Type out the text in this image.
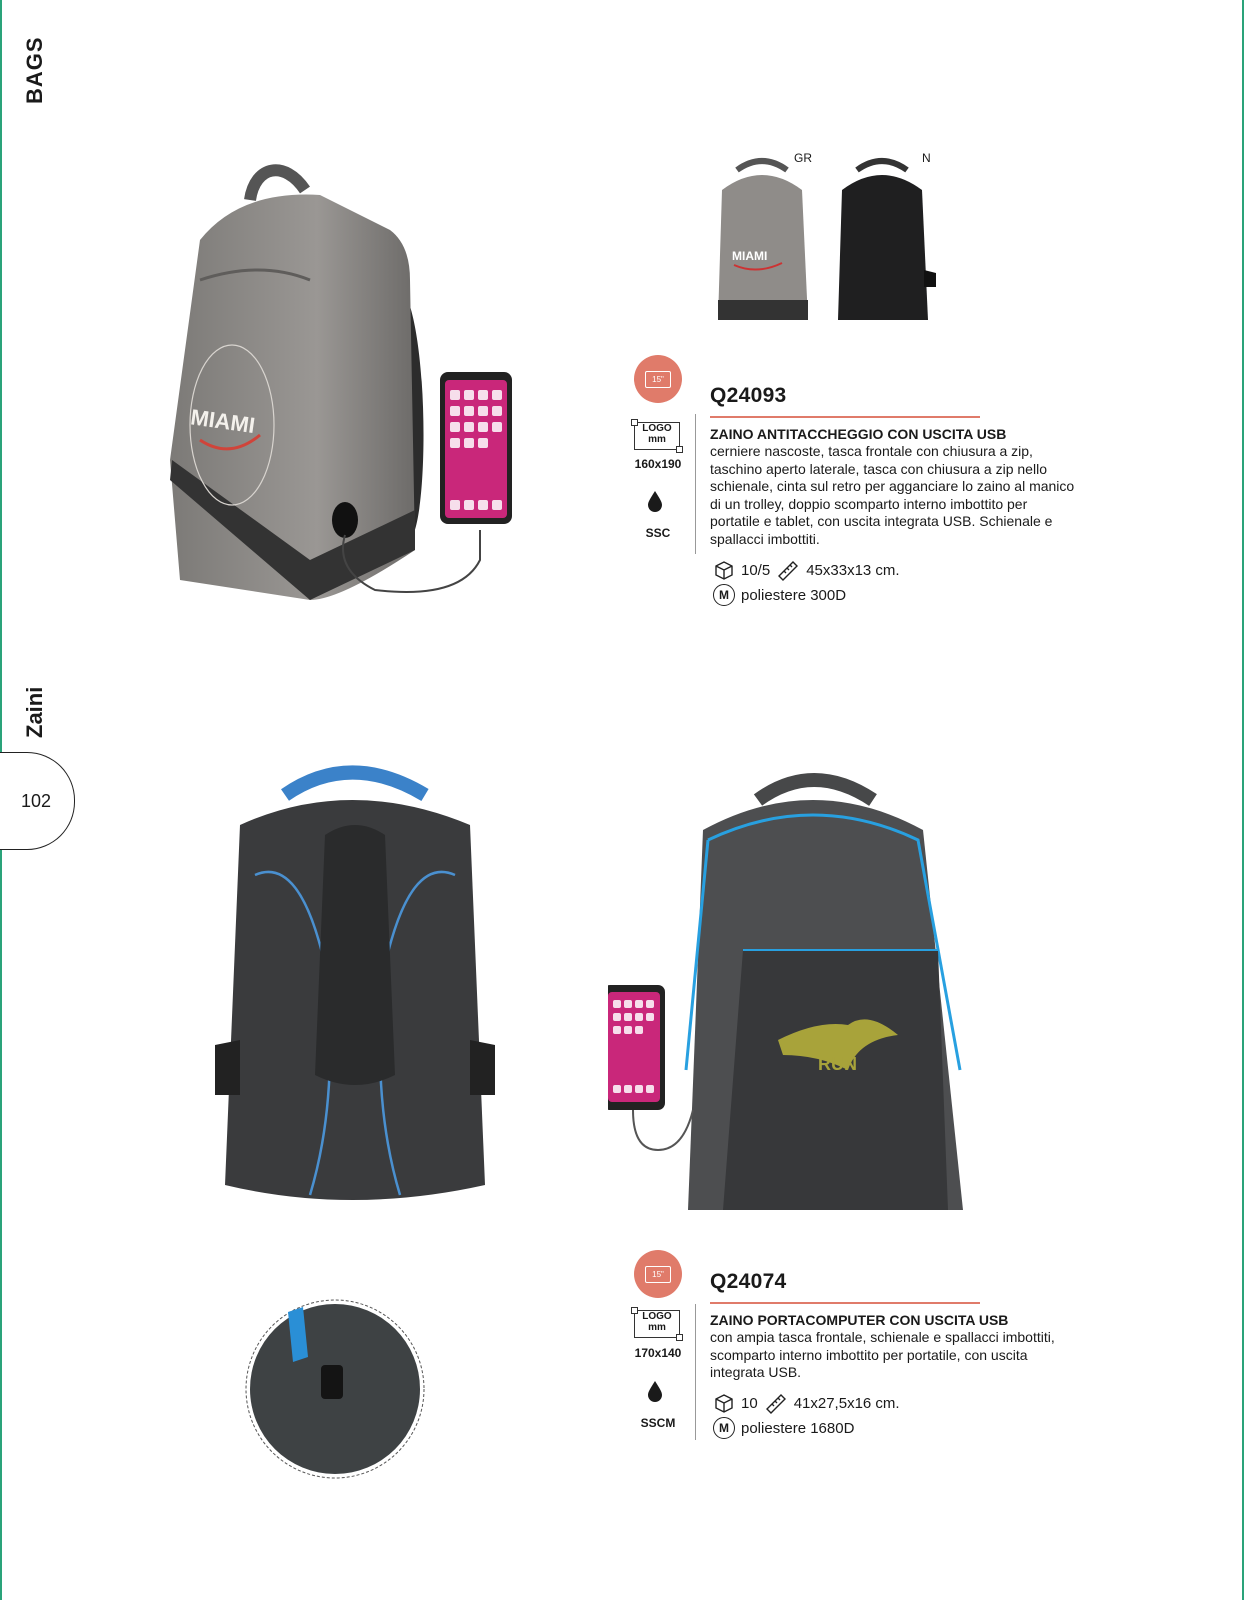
BAGS
Zaini
102
MIAMI
MIAMI
GR	N
15"
LOGO
mm
160x190
SSC
Q24093
ZAINO ANTITACCHEGGIO CON USCITA USB
cerniere nascoste, tasca frontale con chiusura a zip, taschino aperto laterale, tasca con chiusura a zip nello schienale, cinta sul retro per agganciare lo zaino al manico di un trolley, doppio scomparto interno imbottito per portatile e tablet, con uscita integrata USB. Schienale e spallacci imbottiti.
10/5 45x33x13 cm.
M poliestere 300D
RUN
15"
LOGO
mm
170x140
SSCM
Q24074
ZAINO PORTACOMPUTER CON USCITA USB
con ampia tasca frontale, schienale e spallacci imbottiti, scomparto interno imbottito per portatile, con uscita integrata USB.
10 41x27,5x16 cm.
M poliestere 1680D
